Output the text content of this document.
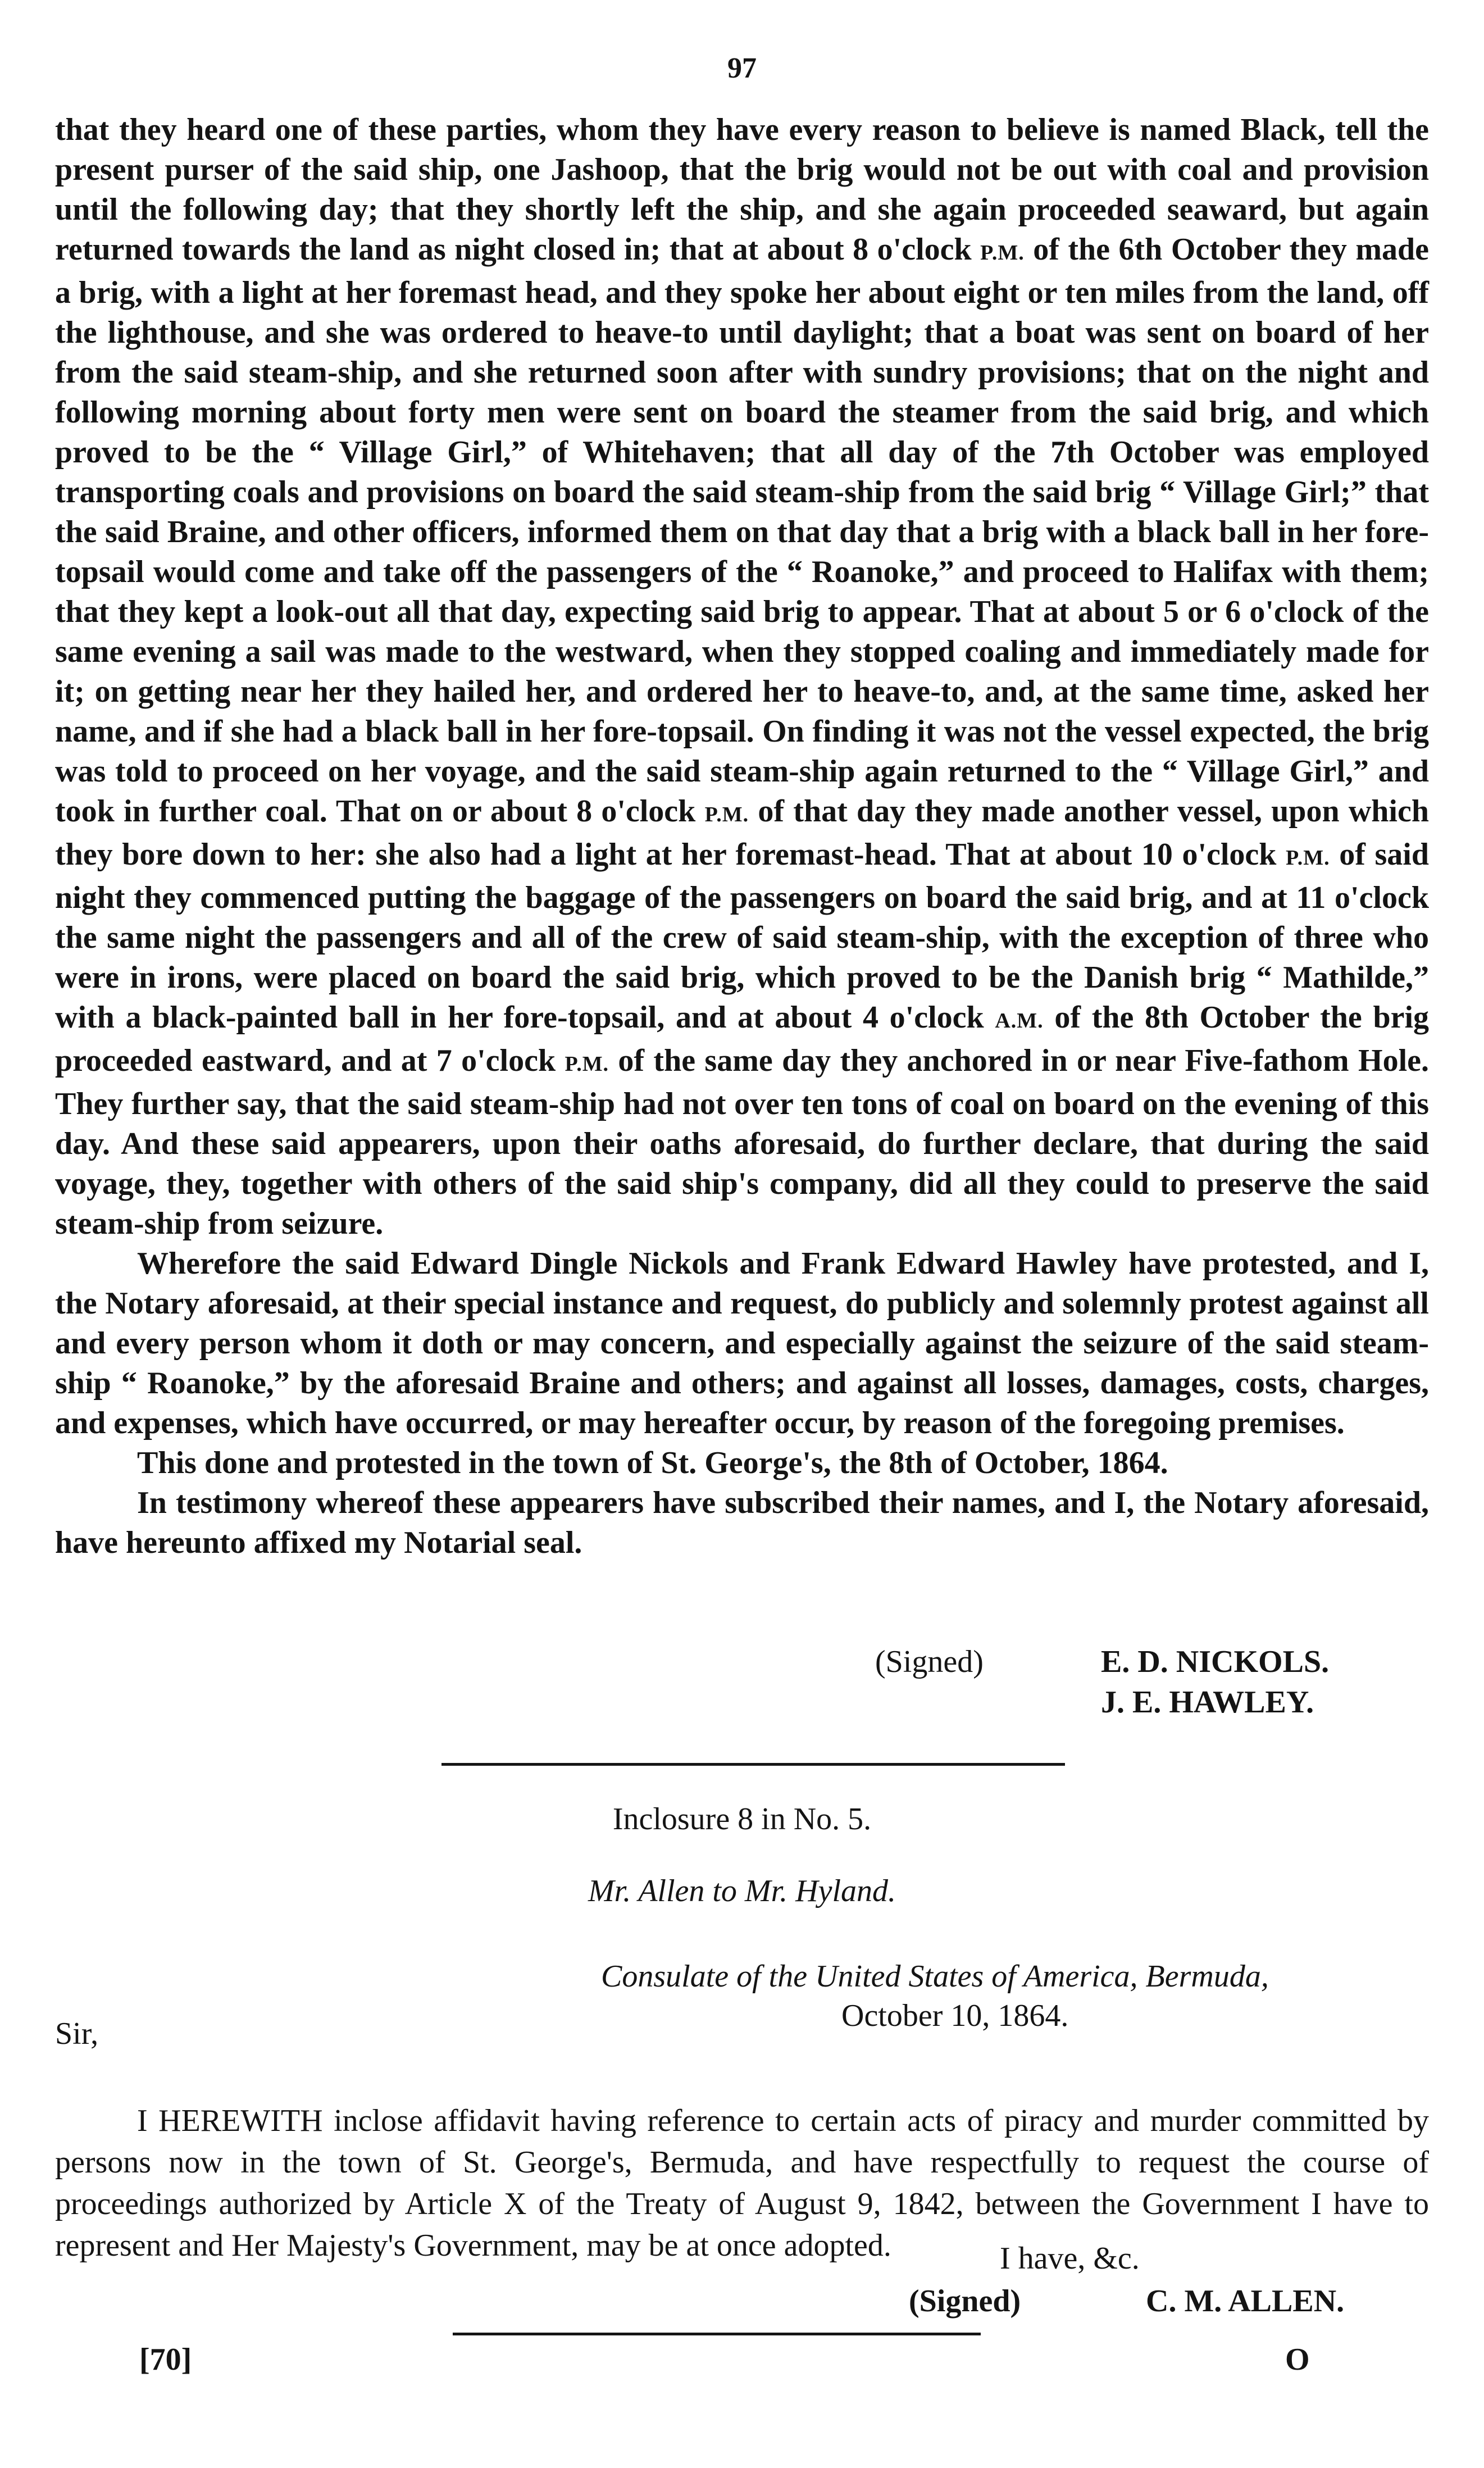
97

that they heard one of these parties, whom they have every reason to believe is named Black, tell the present purser of the said ship, one Jashoop, that the brig would not be out with coal and provision until the following day; that they shortly left the ship, and she again proceeded seaward, but again returned towards the land as night closed in; that at about 8 o'clock P.M. of the 6th October they made a brig, with a light at her foremast head, and they spoke her about eight or ten miles from the land, off the lighthouse, and she was ordered to heave-to until daylight; that a boat was sent on board of her from the said steam-ship, and she returned soon after with sundry provisions; that on the night and following morning about forty men were sent on board the steamer from the said brig, and which proved to be the “ Village Girl,” of Whitehaven; that all day of the 7th October was employed transporting coals and provisions on board the said steam-ship from the said brig “ Village Girl;” that the said Braine, and other officers, informed them on that day that a brig with a black ball in her fore-topsail would come and take off the passengers of the “ Roanoke,” and proceed to Halifax with them; that they kept a look-out all that day, expecting said brig to appear. That at about 5 or 6 o'clock of the same evening a sail was made to the westward, when they stopped coaling and immediately made for it; on getting near her they hailed her, and ordered her to heave-to, and, at the same time, asked her name, and if she had a black ball in her fore-topsail. On finding it was not the vessel expected, the brig was told to proceed on her voyage, and the said steam-ship again returned to the “ Village Girl,” and took in further coal. That on or about 8 o'clock P.M. of that day they made another vessel, upon which they bore down to her: she also had a light at her foremast-head. That at about 10 o'clock P.M. of said night they commenced putting the baggage of the passengers on board the said brig, and at 11 o'clock the same night the passengers and all of the crew of said steam-ship, with the exception of three who were in irons, were placed on board the said brig, which proved to be the Danish brig “ Mathilde,” with a black-painted ball in her fore-topsail, and at about 4 o'clock A.M. of the 8th October the brig proceeded eastward, and at 7 o'clock P.M. of the same day they anchored in or near Five-fathom Hole. They further say, that the said steam-ship had not over ten tons of coal on board on the evening of this day. And these said appearers, upon their oaths aforesaid, do further declare, that during the said voyage, they, together with others of the said ship's company, did all they could to preserve the said steam-ship from seizure.

Wherefore the said Edward Dingle Nickols and Frank Edward Hawley have protested, and I, the Notary aforesaid, at their special instance and request, do publicly and solemnly protest against all and every person whom it doth or may concern, and especially against the seizure of the said steam-ship “ Roanoke,” by the aforesaid Braine and others; and against all losses, damages, costs, charges, and expenses, which have occurred, or may hereafter occur, by reason of the foregoing premises.

This done and protested in the town of St. George's, the 8th of October, 1864.

In testimony whereof these appearers have subscribed their names, and I, the Notary aforesaid, have hereunto affixed my Notarial seal.

(Signed)	E. D. NICKOLS.
J. E. HAWLEY.
Inclosure 8 in No. 5.
Mr. Allen to Mr. Hyland.
Consulate of the United States of America, Bermuda,
October 10, 1864.
Sir,

I HEREWITH inclose affidavit having reference to certain acts of piracy and murder committed by persons now in the town of St. George's, Bermuda, and have respectfully to request the course of proceedings authorized by Article X of the Treaty of August 9, 1842, between the Government I have to represent and Her Majesty's Government, may be at once adopted.	I have, &c.
(Signed)	C. M. ALLEN.
[70]	O
